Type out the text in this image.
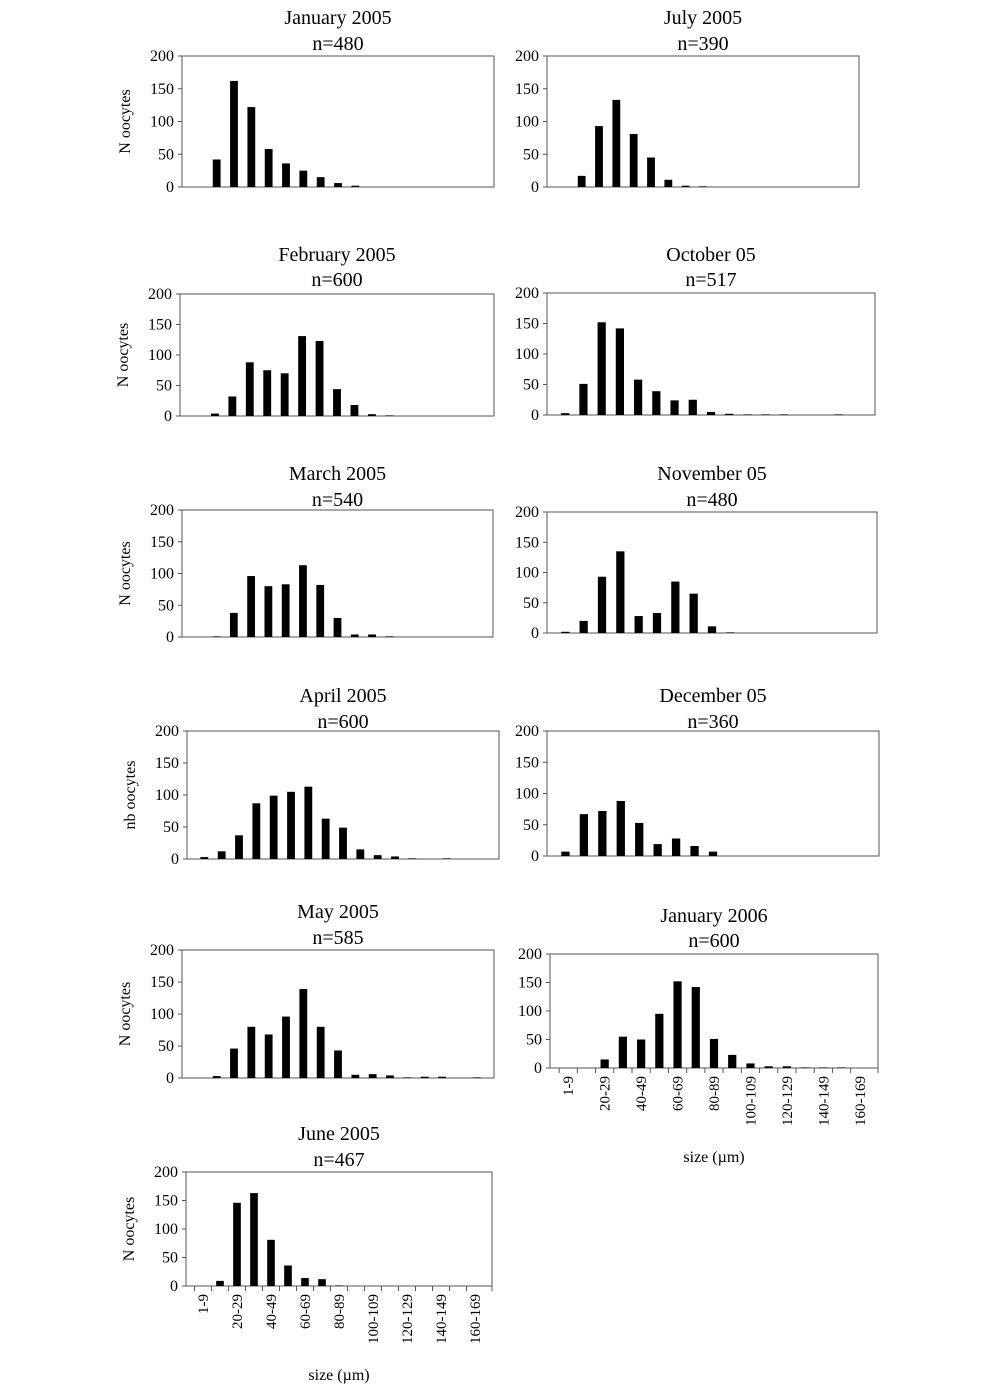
January 2005
n=480
0
50
100
150
200
N oocytes
July 2005
n=390
0
50
100
150
200
February 2005
n=600
0
50
100
150
200
N oocytes
October 05
n=517
0
50
100
150
200
March 2005
n=540
0
50
100
150
200
N oocytes
November 05
n=480
0
50
100
150
200
April 2005
n=600
0
50
100
150
200
nb oocytes
December 05
n=360
0
50
100
150
200
May 2005
n=585
0
50
100
150
200
N oocytes
January 2006
n=600
0
50
100
150
200
1-9 20-29 40-49 60-69 80-89 100-109 120-129 140-149 160-169
size (µm)
June 2005
n=467
0
50
100
150
200
N oocytes
1-9 20-29 40-49 60-69 80-89 100-109 120-129 140-149 160-169
size (µm)
